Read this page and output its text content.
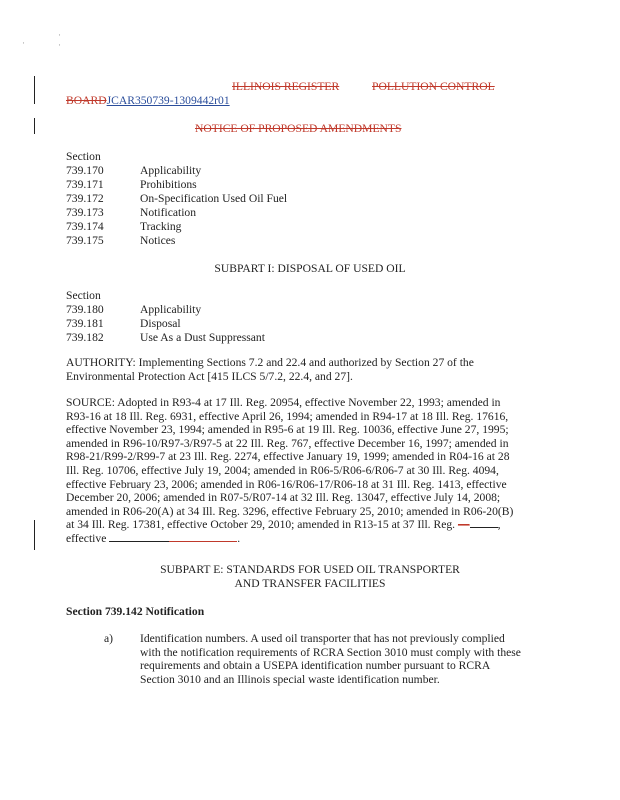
·
·
·
ILLINOIS REGISTER	POLLUTION CONTROL
BOARDJCAR350739-1309442r01
NOTICE OF PROPOSED AMENDMENTS
Section
739.170	Applicability
739.171	Prohibitions
739.172	On-Specification Used Oil Fuel
739.173	Notification
739.174	Tracking
739.175	Notices
SUBPART I: DISPOSAL OF USED OIL
Section
739.180	Applicability
739.181	Disposal
739.182	Use As a Dust Suppressant
AUTHORITY: Implementing Sections 7.2 and 22.4 and authorized by Section 27 of the
Environmental Protection Act [415 ILCS 5/7.2, 22.4, and 27].
SOURCE: Adopted in R93-4 at 17 Ill. Reg. 20954, effective November 22, 1993; amended in
R93-16 at 18 Ill. Reg. 6931, effective April 26, 1994; amended in R94-17 at 18 Ill. Reg. 17616,
effective November 23, 1994; amended in R95-6 at 19 Ill. Reg. 10036, effective June 27, 1995;
amended in R96-10/R97-3/R97-5 at 22 Ill. Reg. 767, effective December 16, 1997; amended in
R98-21/R99-2/R99-7 at 23 Ill. Reg. 2274, effective January 19, 1999; amended in R04-16 at 28
Ill. Reg. 10706, effective July 19, 2004; amended in R06-5/R06-6/R06-7 at 30 Ill. Reg. 4094,
effective February 23, 2006; amended in R06-16/R06-17/R06-18 at 31 Ill. Reg. 1413, effective
December 20, 2006; amended in R07-5/R07-14 at 32 Ill. Reg. 13047, effective July 14, 2008;
amended in R06-20(A) at 34 Ill. Reg. 3296, effective February 25, 2010; amended in R06-20(B)
at 34 Ill. Reg. 17381, effective October 29, 2010; amended in R13-15 at 37 Ill. Reg. — ,
effective	.
SUBPART E: STANDARDS FOR USED OIL TRANSPORTER
AND TRANSFER FACILITIES
Section 739.142 Notification
a) Identification numbers. A used oil transporter that has not previously complied
with the notification requirements of RCRA Section 3010 must comply with these
requirements and obtain a USEPA identification number pursuant to RCRA
Section 3010 and an Illinois special waste identification number.
